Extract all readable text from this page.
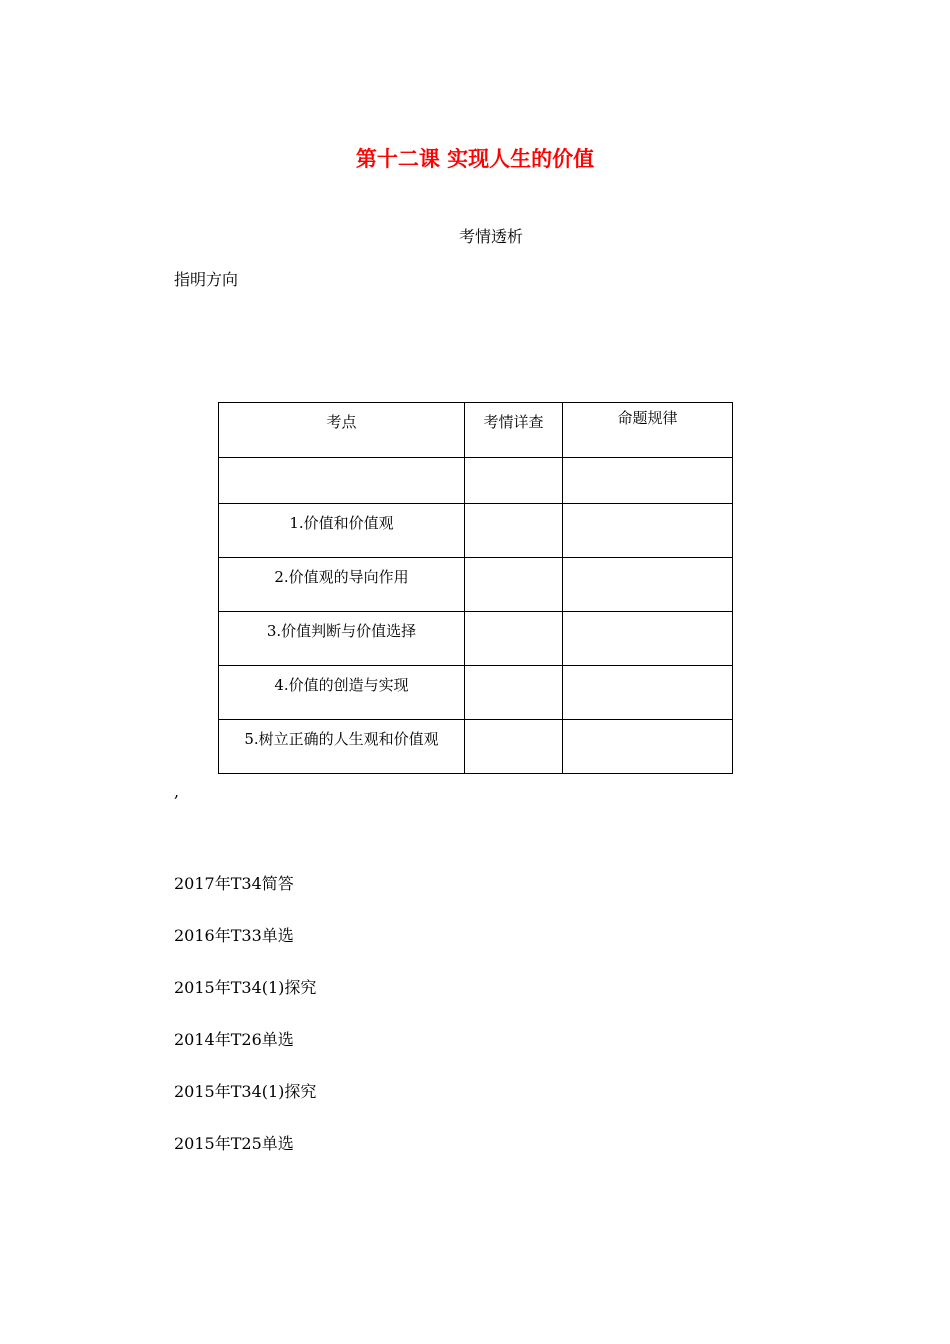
第十二课 实现人生的价值
考情透析
指明方向
考点	考情详查	命题规律

1.价值和价值观		

2.价值观的导向作用		

3.价值判断与价值选择		

4.价值的创造与实现		

5.树立正确的人生观和价值观		

,
2017年T34简答
2016年T33单选
2015年T34(1)探究
2014年T26单选
2015年T34(1)探究
2015年T25单选
